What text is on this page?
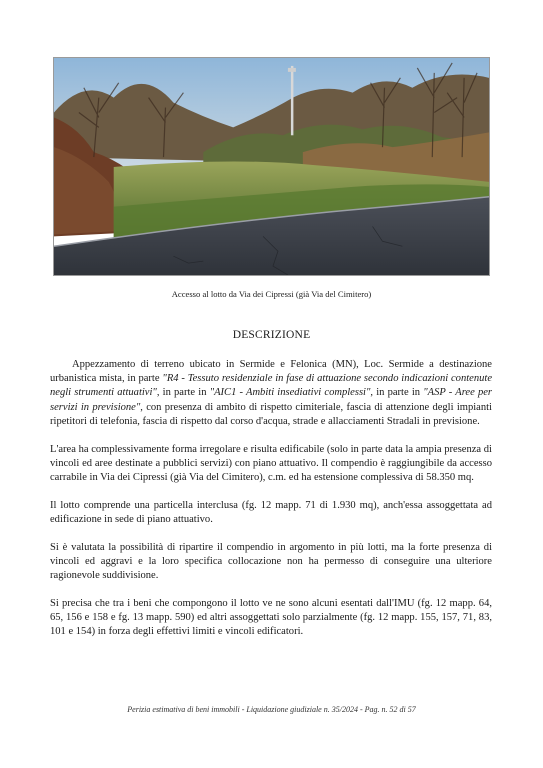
Accesso al lotto da Via dei Cipressi (già Via del Cimitero)
DESCRIZIONE

Appezzamento di terreno ubicato in Sermide e Felonica (MN), Loc. Sermide a destinazione urbanistica mista, in parte "R4 - Tessuto residenziale in fase di attuazione secondo indicazioni contenute negli strumenti attuativi", in parte in "AIC1 - Ambiti insediativi complessi", in parte in "ASP - Aree per servizi in previsione", con presenza di ambito di rispetto cimiteriale, fascia di attenzione degli impianti ripetitori di telefonia, fascia di rispetto dal corso d'acqua, strade e allacciamenti Stradali in previsione.

L'area ha complessivamente forma irregolare e risulta edificabile (solo in parte data la ampia presenza di vincoli ed aree destinate a pubblici servizi) con piano attuativo. Il compendio è raggiungibile da accesso carrabile in Via dei Cipressi (già Via del Cimitero), c.m. ed ha estensione complessiva di 58.350 mq.

Il lotto comprende una particella interclusa (fg. 12 mapp. 71 di 1.930 mq), anch'essa assoggettata ad edificazione in sede di piano attuativo.

Si è valutata la possibilità di ripartire il compendio in argomento in più lotti, ma la forte presenza di vincoli ed aggravi e la loro specifica collocazione non ha permesso di conseguire una ulteriore ragionevole suddivisione.

Si precisa che tra i beni che compongono il lotto ve ne sono alcuni esentati dall'IMU (fg. 12 mapp. 64, 65, 156 e 158 e fg. 13 mapp. 590) ed altri assoggettati solo parzialmente (fg. 12 mapp. 155, 157, 71, 83, 101 e 154) in forza degli effettivi limiti e vincoli edificatori.

Perizia estimativa di beni immobili - Liquidazione giudiziale n. 35/2024 - Pag. n. 52 di 57
